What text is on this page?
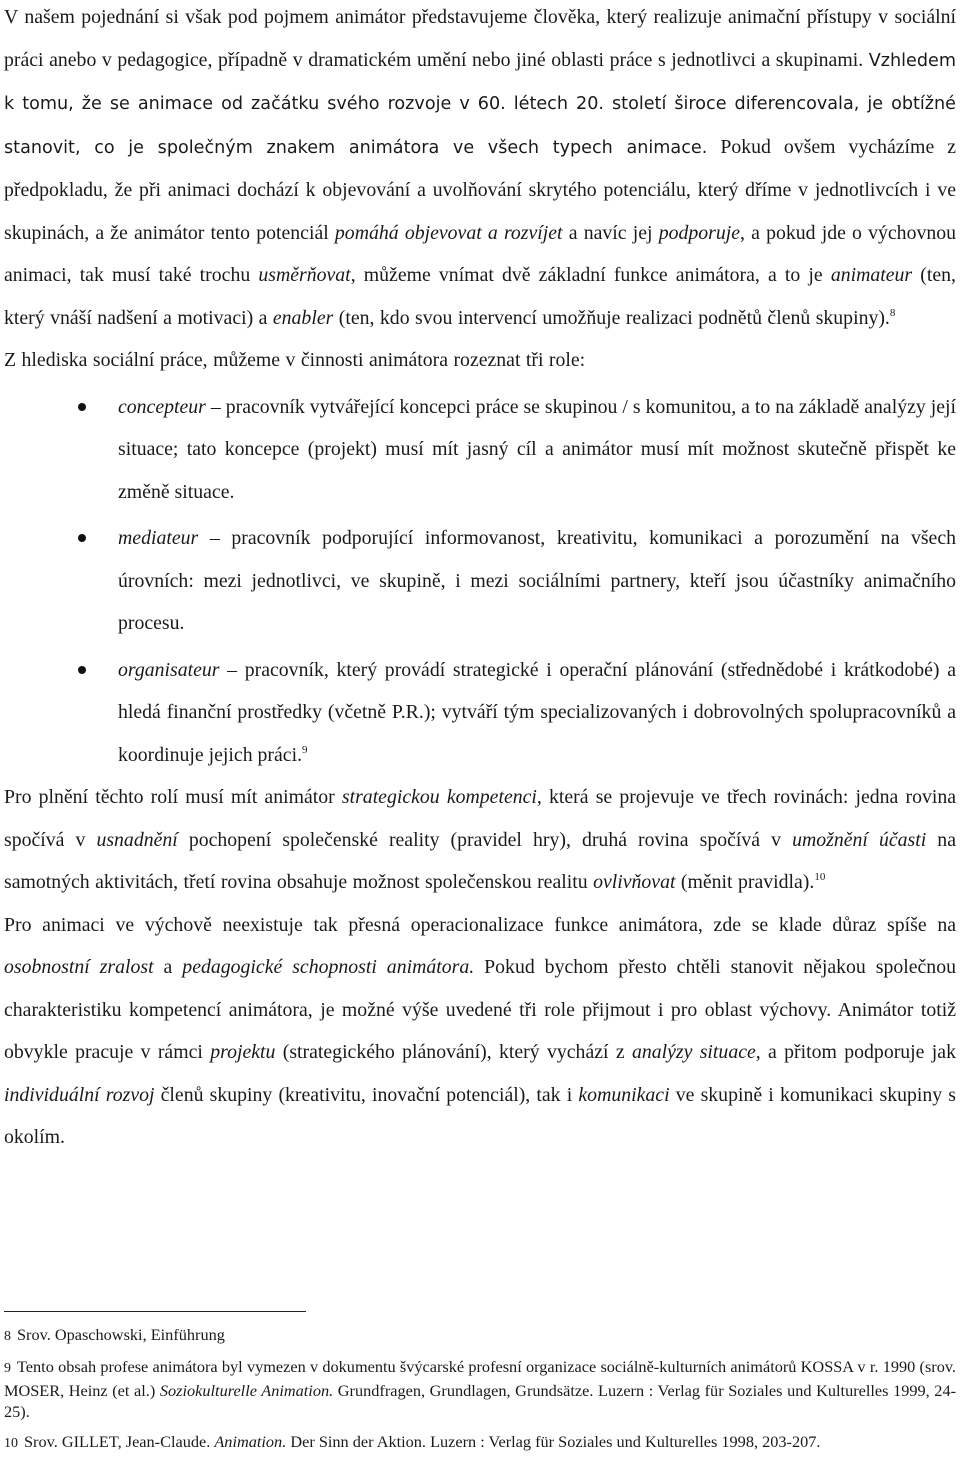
V našem pojednání si však pod pojmem animátor představujeme člověka, který realizuje animační přístupy v sociální práci anebo v pedagogice, případně v dramatickém umění nebo jiné oblasti práce s jednotlivci a skupinami. Vzhledem k tomu, že se animace od začátku svého rozvoje v 60. létech 20. století široce diferencovala, je obtížné stanovit, co je společným znakem animátora ve všech typech animace. Pokud ovšem vycházíme z předpokladu, že při animaci dochází k objevování a uvolňování skrytého potenciálu, který dříme v jednotlivcích i ve skupinách, a že animátor tento potenciál pomáhá objevovat a rozvíjet a navíc jej podporuje, a pokud jde o výchovnou animaci, tak musí také trochu usměrňovat, můžeme vnímat dvě základní funkce animátora, a to je animateur (ten, který vnáší nadšení a motivaci) a enabler (ten, kdo svou intervencí umožňuje realizaci podnětů členů skupiny).$^8$

Z hlediska sociální práce, můžeme v činnosti animátora rozeznat tři role:

concepteur – pracovník vytvářející koncepci práce se skupinou / s komunitou, a to na základě analýzy její situace; tato koncepce (projekt) musí mít jasný cíl a animátor musí mít možnost skutečně přispět ke změně situace.
mediateur – pracovník podporující informovanost, kreativitu, komunikaci a porozumění na všech úrovních: mezi jednotlivci, ve skupině, i mezi sociálními partnery, kteří jsou účastníky animačního procesu.
organisateur – pracovník, který provádí strategické i operační plánování (střednědobé i krátkodobé) a hledá finanční prostředky (včetně P.R.); vytváří tým specializovaných i dobrovolných spolupracovníků a koordinuje jejich práci.$^9$

Pro plnění těchto rolí musí mít animátor strategickou kompetenci, která se projevuje ve třech rovinách: jedna rovina spočívá v usnadnění pochopení společenské reality (pravidel hry), druhá rovina spočívá v umožnění účasti na samotných aktivitách, třetí rovina obsahuje možnost společenskou realitu ovlivňovat (měnit pravidla).$^{10}$

Pro animaci ve výchově neexistuje tak přesná operacionalizace funkce animátora, zde se klade důraz spíše na osobnostní zralost a pedagogické schopnosti animátora. Pokud bychom přesto chtěli stanovit nějakou společnou charakteristiku kompetencí animátora, je možné výše uvedené tři role přijmout i pro oblast výchovy. Animátor totiž obvykle pracuje v rámci projektu (strategického plánování), který vychází z analýzy situace, a přitom podporuje jak individuální rozvoj členů skupiny (kreativitu, inovační potenciál), tak i komunikaci ve skupině i komunikaci skupiny s okolím.

8 Srov. Opaschowski, Einführung

9 Tento obsah profese animátora byl vymezen v dokumentu švýcarské profesní organizace sociálně-kulturních animátorů KOSSA v r. 1990 (srov. MOSER, Heinz (et al.) Soziokulturelle Animation. Grundfragen, Grundlagen, Grundsätze. Luzern : Verlag für Soziales und Kulturelles 1999, 24-25).

10 Srov. GILLET, Jean-Claude. Animation. Der Sinn der Aktion. Luzern : Verlag für Soziales und Kulturelles 1998, 203-207.
